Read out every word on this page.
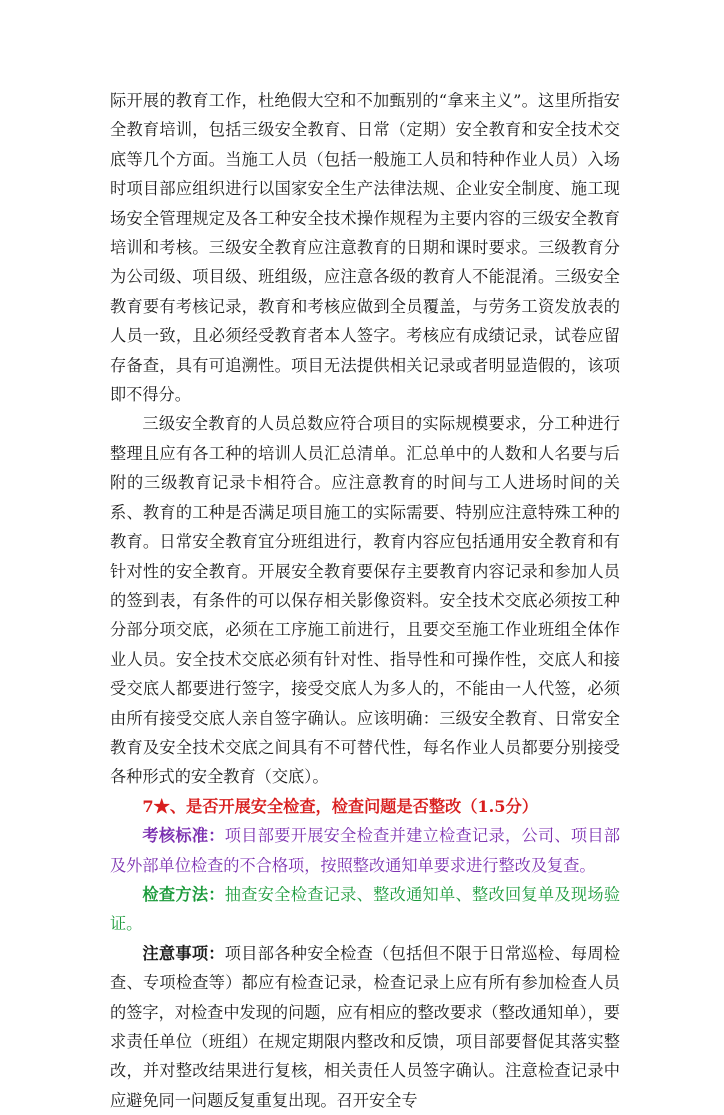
际开展的教育工作，杜绝假大空和不加甄别的“拿来主义”。这里所指安全教育培训，包括三级安全教育、日常（定期）安全教育和安全技术交底等几个方面。当施工人员（包括一般施工人员和特种作业人员）入场时项目部应组织进行以国家安全生产法律法规、企业安全制度、施工现场安全管理规定及各工种安全技术操作规程为主要内容的三级安全教育培训和考核。三级安全教育应注意教育的日期和课时要求。三级教育分为公司级、项目级、班组级，应注意各级的教育人不能混淆。三级安全教育要有考核记录，教育和考核应做到全员覆盖，与劳务工资发放表的人员一致，且必须经受教育者本人签字。考核应有成绩记录，试卷应留存备查，具有可追溯性。项目无法提供相关记录或者明显造假的，该项即不得分。

三级安全教育的人员总数应符合项目的实际规模要求，分工种进行整理且应有各工种的培训人员汇总清单。汇总单中的人数和人名要与后附的三级教育记录卡相符合。应注意教育的时间与工人进场时间的关系、教育的工种是否满足项目施工的实际需要、特别应注意特殊工种的教育。日常安全教育宜分班组进行，教育内容应包括通用安全教育和有针对性的安全教育。开展安全教育要保存主要教育内容记录和参加人员的签到表，有条件的可以保存相关影像资料。安全技术交底必须按工种分部分项交底，必须在工序施工前进行，且要交至施工作业班组全体作业人员。安全技术交底必须有针对性、指导性和可操作性，交底人和接受交底人都要进行签字，接受交底人为多人的，不能由一人代签，必须由所有接受交底人亲自签字确认。应该明确：三级安全教育、日常安全教育及安全技术交底之间具有不可替代性，每名作业人员都要分别接受各种形式的安全教育（交底）。

7★、是否开展安全检查，检查问题是否整改（1.5分）

考核标准：项目部要开展安全检查并建立检查记录，公司、项目部及外部单位检查的不合格项，按照整改通知单要求进行整改及复查。

检查方法：抽查安全检查记录、整改通知单、整改回复单及现场验证。

注意事项：项目部各种安全检查（包括但不限于日常巡检、每周检查、专项检查等）都应有检查记录，检查记录上应有所有参加检查人员的签字，对检查中发现的问题，应有相应的整改要求（整改通知单），要求责任单位（班组）在规定期限内整改和反馈，项目部要督促其落实整改，并对整改结果进行复核，相关责任人员签字确认。注意检查记录中应避免同一问题反复重复出现。召开安全专
